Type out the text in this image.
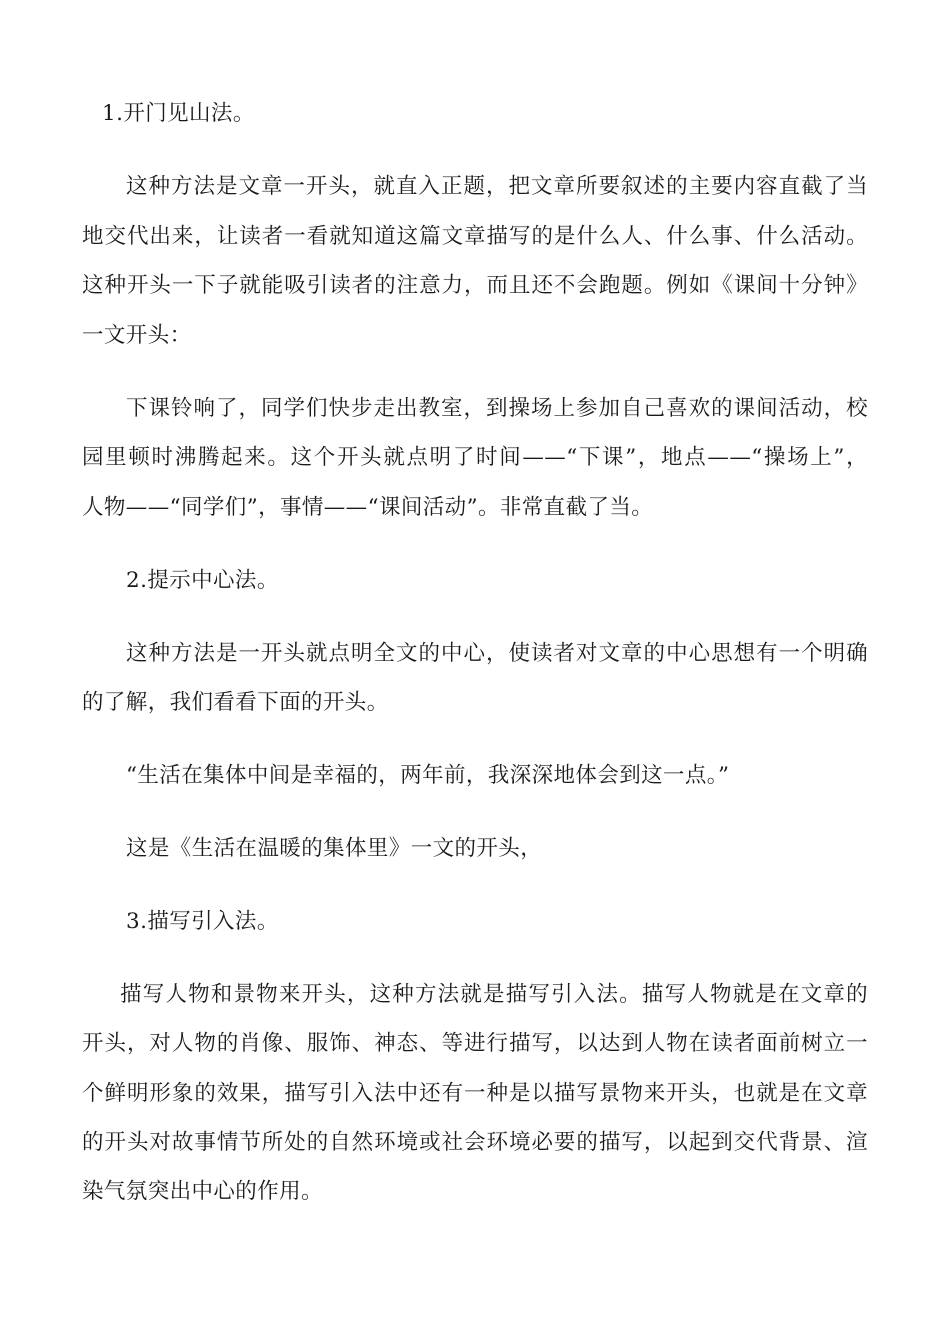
1.开门见山法。
这种方法是文章一开头，就直入正题，把文章所要叙述的主要内容直截了当
地交代出来，让读者一看就知道这篇文章描写的是什么人、什么事、什么活动。
这种开头一下子就能吸引读者的注意力，而且还不会跑题。例如《课间十分钟》
一文开头：
下课铃响了，同学们快步走出教室，到操场上参加自己喜欢的课间活动，校
园里顿时沸腾起来。这个开头就点明了时间——“下课”，地点——“操场上”，
人物——“同学们”，事情——“课间活动”。非常直截了当。
2.提示中心法。
这种方法是一开头就点明全文的中心，使读者对文章的中心思想有一个明确
的了解，我们看看下面的开头。
“生活在集体中间是幸福的，两年前，我深深地体会到这一点。”
这是《生活在温暖的集体里》一文的开头，
3.描写引入法。
描写人物和景物来开头，这种方法就是描写引入法。描写人物就是在文章的
开头，对人物的肖像、服饰、神态、等进行描写，以达到人物在读者面前树立一
个鲜明形象的效果，描写引入法中还有一种是以描写景物来开头，也就是在文章
的开头对故事情节所处的自然环境或社会环境必要的描写，以起到交代背景、渲
染气氛突出中心的作用。
